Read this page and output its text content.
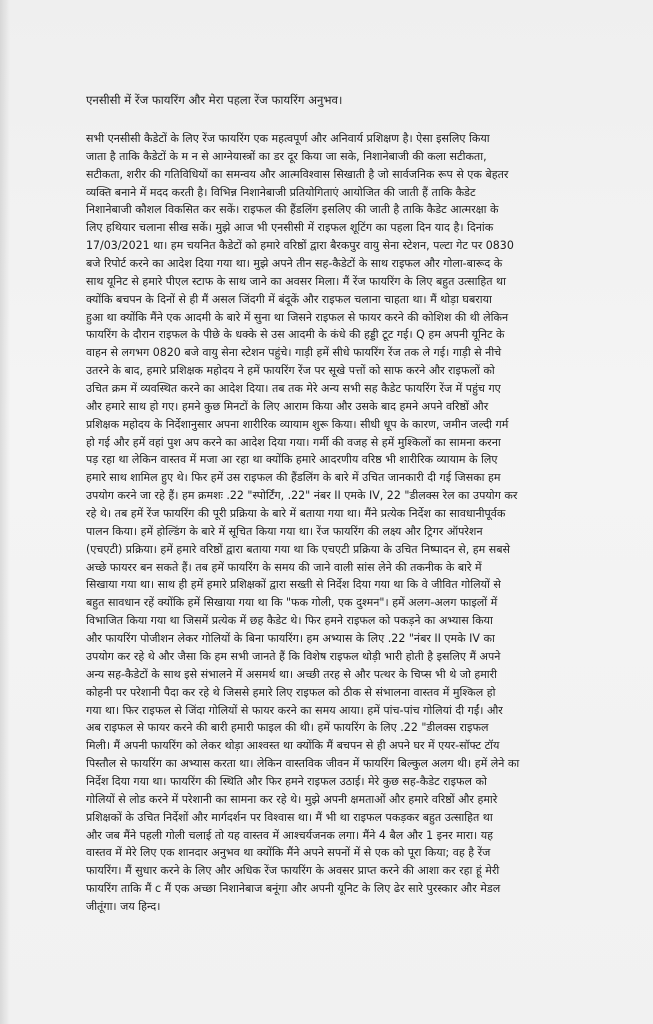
एनसीसी में रेंज फायरिंग और मेरा पहला रेंज फायरिंग अनुभव।
सभी एनसीसी कैडेटों के लिए रेंज फायरिंग एक महत्वपूर्ण और अनिवार्य प्रशिक्षण है। ऐसा इसलिए किया
जाता है ताकि कैडेटों के म न से आग्नेयास्त्रों का डर दूर किया जा सके, निशानेबाजी की कला सटीकता,
सटीकता, शरीर की गतिविधियों का समन्वय और आत्मविश्वास सिखाती है जो सार्वजनिक रूप से एक बेहतर
व्यक्ति बनाने में मदद करती है। विभिन्न निशानेबाजी प्रतियोगिताएं आयोजित की जाती हैं ताकि कैडेट
निशानेबाजी कौशल विकसित कर सकें। राइफल की हैंडलिंग इसलिए की जाती है ताकि कैडेट आत्मरक्षा के
लिए हथियार चलाना सीख सकें। मुझे आज भी एनसीसी में राइफल शूटिंग का पहला दिन याद है। दिनांक
17/03/2021 था। हम चयनित कैडेटों को हमारे वरिष्ठों द्वारा बैरकपुर वायु सेना स्टेशन, पल्टा गेट पर 0830
बजे रिपोर्ट करने का आदेश दिया गया था। मुझे अपने तीन सह-कैडेटों के साथ राइफल और गोला-बारूद के
साथ यूनिट से हमारे पीएल स्टाफ के साथ जाने का अवसर मिला। मैं रेंज फायरिंग के लिए बहुत उत्साहित था
क्योंकि बचपन के दिनों से ही मैं असल जिंदगी में बंदूकें और राइफल चलाना चाहता था। मैं थोड़ा घबराया
हुआ था क्योंकि मैंने एक आदमी के बारे में सुना था जिसने राइफल से फायर करने की कोशिश की थी लेकिन
फायरिंग के दौरान राइफल के पीछे के धक्के से उस आदमी के कंधे की हड्डी टूट गई। Q हम अपनी यूनिट के
वाहन से लगभग 0820 बजे वायु सेना स्टेशन पहुंचे। गाड़ी हमें सीधे फायरिंग रेंज तक ले गई। गाड़ी से नीचे
उतरने के बाद, हमारे प्रशिक्षक महोदय ने हमें फायरिंग रेंज पर सूखे पत्तों को साफ करने और राइफलों को
उचित क्रम में व्यवस्थित करने का आदेश दिया। तब तक मेरे अन्य सभी सह कैडेट फायरिंग रेंज में पहुंच गए
और हमारे साथ हो गए। हमने कुछ मिनटों के लिए आराम किया और उसके बाद हमने अपने वरिष्ठों और
प्रशिक्षक महोदय के निर्देशानुसार अपना शारीरिक व्यायाम शुरू किया। सीधी धूप के कारण, जमीन जल्दी गर्म
हो गई और हमें वहां पुश अप करने का आदेश दिया गया। गर्मी की वजह से हमें मुश्किलों का सामना करना
पड़ रहा था लेकिन वास्तव में मजा आ रहा था क्योंकि हमारे आदरणीय वरिष्ठ भी शारीरिक व्यायाम के लिए
हमारे साथ शामिल हुए थे। फिर हमें उस राइफल की हैंडलिंग के बारे में उचित जानकारी दी गई जिसका हम
उपयोग करने जा रहे हैं। हम क्रमशः .22 "स्पोर्टिंग, .22" नंबर II एमके IV, 22 "डीलक्स रेल का उपयोग कर
रहे थे। तब हमें रेंज फायरिंग की पूरी प्रक्रिया के बारे में बताया गया था। मैंने प्रत्येक निर्देश का सावधानीपूर्वक
पालन किया। हमें होल्डिंग के बारे में सूचित किया गया था। रेंज फायरिंग की लक्ष्य और ट्रिगर ऑपरेशन
(एचएटी) प्रक्रिया। हमें हमारे वरिष्ठों द्वारा बताया गया था कि एचएटी प्रक्रिया के उचित निष्पादन से, हम सबसे
अच्छे फायरर बन सकते हैं। तब हमें फायरिंग के समय की जाने वाली सांस लेने की तकनीक के बारे में
सिखाया गया था। साथ ही हमें हमारे प्रशिक्षकों द्वारा सख्ती से निर्देश दिया गया था कि वे जीवित गोलियों से
बहुत सावधान रहें क्योंकि हमें सिखाया गया था कि "फक गोली, एक दुश्मन"। हमें अलग-अलग फाइलों में
विभाजित किया गया था जिसमें प्रत्येक में छह कैडेट थे। फिर हमने राइफल को पकड़ने का अभ्यास किया
और फायरिंग पोजीशन लेकर गोलियों के बिना फायरिंग। हम अभ्यास के लिए .22 "नंबर II एमके IV का
उपयोग कर रहे थे और जैसा कि हम सभी जानते हैं कि विशेष राइफल थोड़ी भारी होती है इसलिए मैं अपने
अन्य सह-कैडेटों के साथ इसे संभालने में असमर्थ था। अच्छी तरह से और पत्थर के चिप्स भी थे जो हमारी
कोहनी पर परेशानी पैदा कर रहे थे जिससे हमारे लिए राइफल को ठीक से संभालना वास्तव में मुश्किल हो
गया था। फिर राइफल से जिंदा गोलियों से फायर करने का समय आया। हमें पांच-पांच गोलियां दी गईं। और
अब राइफल से फायर करने की बारी हमारी फाइल की थी। हमें फायरिंग के लिए .22 "डीलक्स राइफल
मिली। मैं अपनी फायरिंग को लेकर थोड़ा आश्वस्त था क्योंकि मैं बचपन से ही अपने घर में एयर-सॉफ्ट टॉय
पिस्तौल से फायरिंग का अभ्यास करता था। लेकिन वास्तविक जीवन में फायरिंग बिल्कुल अलग थी। हमें लेने का
निर्देश दिया गया था। फायरिंग की स्थिति और फिर हमने राइफल उठाई। मेरे कुछ सह-कैडेट राइफल को
गोलियों से लोड करने में परेशानी का सामना कर रहे थे। मुझे अपनी क्षमताओं और हमारे वरिष्ठों और हमारे
प्रशिक्षकों के उचित निर्देशों और मार्गदर्शन पर विश्वास था। मैं भी था राइफल पकड़कर बहुत उत्साहित था
और जब मैंने पहली गोली चलाई तो यह वास्तव में आश्चर्यजनक लगा। मैंने 4 बैल और 1 इनर मारा। यह
वास्तव में मेरे लिए एक शानदार अनुभव था क्योंकि मैंने अपने सपनों में से एक को पूरा किया; वह है रेंज
फायरिंग। मैं सुधार करने के लिए और अधिक रेंज फायरिंग के अवसर प्राप्त करने की आशा कर रहा हूं मेरी
फायरिंग ताकि मैं c मैं एक अच्छा निशानेबाज बनूंगा और अपनी यूनिट के लिए ढेर सारे पुरस्कार और मेडल
जीतूंगा। जय हिन्द।
